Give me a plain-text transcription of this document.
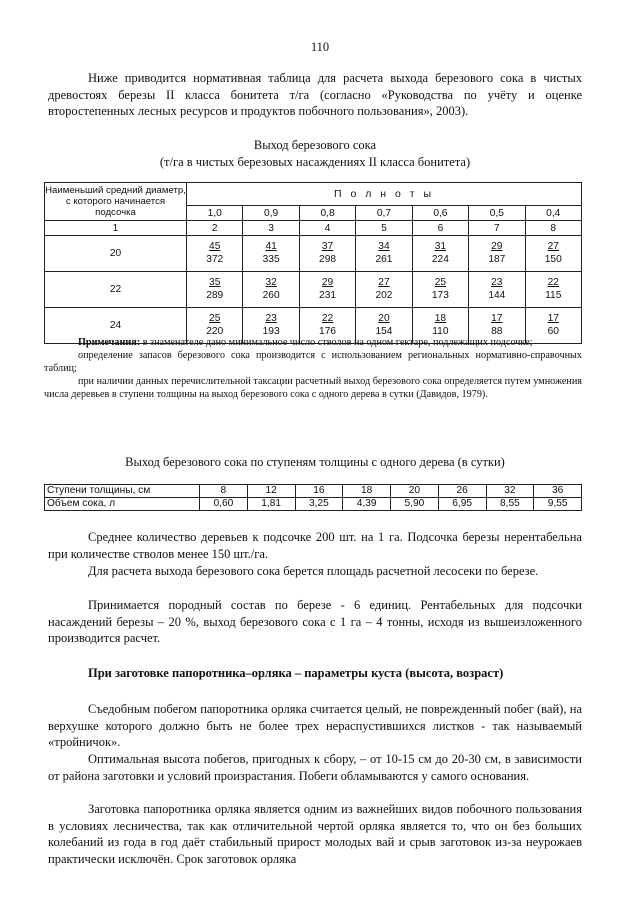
110
Ниже приводится нормативная таблица для расчета выхода березового сока в чистых древостоях березы II класса бонитета т/га (согласно «Руководства по учёту и оценке второстепенных лесных ресурсов и продуктов побочного пользования», 2003).
Выход березового сока
(т/га в чистых березовых насаждениях II класса бонитета)
Наименьший средний диаметр, с которого начинается подсочка	П о л н о т ы						
	1,0	0,9	0,8	0,7	0,6	0,5	0,4
1	2	3	4	5	6	7	8
20	$\frac{45}{372}$	$\frac{41}{335}$	$\frac{37}{298}$	$\frac{34}{261}$	$\frac{31}{224}$	$\frac{29}{187}$	$\frac{27}{150}$

22	$\frac{35}{289}$	$\frac{32}{260}$	$\frac{29}{231}$	$\frac{27}{202}$	$\frac{25}{173}$	$\frac{23}{144}$	$\frac{22}{115}$

24	$\frac{25}{220}$	$\frac{23}{193}$	$\frac{22}{176}$	$\frac{20}{154}$	$\frac{18}{110}$	$\frac{17}{88}$	$\frac{17}{60}$

Примечания: в знаменателе дано минимальное число стволов на одном гектаре, подлежащих подсочке;

определение запасов березового сока производится с использованием региональных нормативно-справочных таблиц;

при наличии данных перечислительной таксации расчетный выход березового сока определяется путем умножения числа деревьев в ступени толщины на выход березового сока с одного дерева в сутки (Давидов, 1979).

Выход березового сока по ступеням толщины с одного дерева (в сутки)
Ступени толщины, см	8	12	16	18	20	26	32	36
Объем сока, л	0,60	1,81	3,25	4,39	5,90	6,95	8,55	9,55
Среднее количество деревьев к подсочке 200 шт. на 1 га. Подсочка березы нерентабельна при количестве стволов менее 150 шт./га.
Для расчета выхода березового сока берется площадь расчетной лесосеки по березе.
Принимается породный состав по березе - 6 единиц. Рентабельных для подсочки насаждений березы – 20 %, выход березового сока с 1 га – 4 тонны, исходя из вышеизложенного производится расчет.
При заготовке папоротника–орляка – параметры куста (высота, возраст)
Съедобным побегом папоротника орляка считается целый, не поврежденный побег (вай), на верхушке которого должно быть не более трех нераспустившихся листков - так называемый «тройничок».
Оптимальная высота побегов, пригодных к сбору, – от 10-15 см до 20-30 см, в зависимости от района заготовки и условий произрастания. Побеги обламываются у самого основания.
Заготовка папоротника орляка является одним из важнейших видов побочного пользования в условиях лесничества, так как отличительной чертой орляка является то, что он без больших колебаний из года в год даёт стабильный прирост молодых вай и срыв заготовок из-за неурожаев практически исключён. Срок заготовок орляка
